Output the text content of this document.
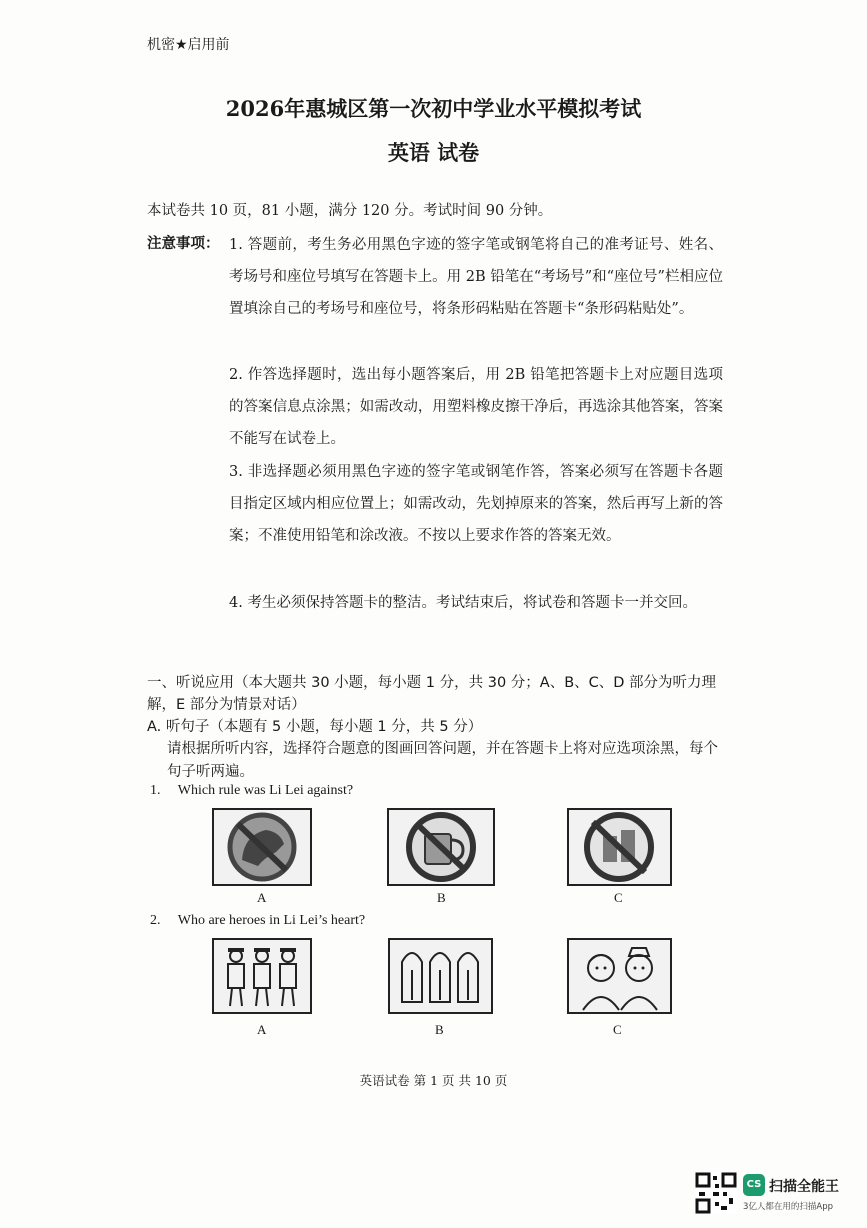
机密★启用前
2026年惠城区第一次初中学业水平模拟考试
英语 试卷
本试卷共 10 页，81 小题，满分 120 分。考试时间 90 分钟。
注意事项： 1. 答题前，考生务必用黑色字迹的签字笔或钢笔将自己的准考证号、姓名、考场号和座位号填写在答题卡上。用 2B 铅笔在“考场号”和“座位号”栏相应位置填涂自己的考场号和座位号，将条形码粘贴在答题卡“条形码粘贴处”。
2. 作答选择题时，选出每小题答案后，用 2B 铅笔把答题卡上对应题目选项的答案信息点涂黑；如需改动，用塑料橡皮擦干净后，再选涂其他答案，答案不能写在试卷上。
3. 非选择题必须用黑色字迹的签字笔或钢笔作答，答案必须写在答题卡各题目指定区域内相应位置上；如需改动，先划掉原来的答案，然后再写上新的答案；不准使用铅笔和涂改液。不按以上要求作答的答案无效。
4. 考生必须保持答题卡的整洁。考试结束后，将试卷和答题卡一并交回。
一、听说应用（本大题共 30 小题，每小题 1 分，共 30 分；A、B、C、D 部分为听力理解，E 部分为情景对话）
A. 听句子（本题有 5 小题，每小题 1 分，共 5 分）
请根据所听内容，选择符合题意的图画回答问题，并在答题卡上将对应选项涂黑，每个句子听两遍。
1. Which rule was Li Lei against?
A	B	C
2. Who are heroes in Li Lei’s heart?
A	B	C
英语试卷 第 1 页 共 10 页
CS 扫描全能王
3亿人都在用的扫描App
